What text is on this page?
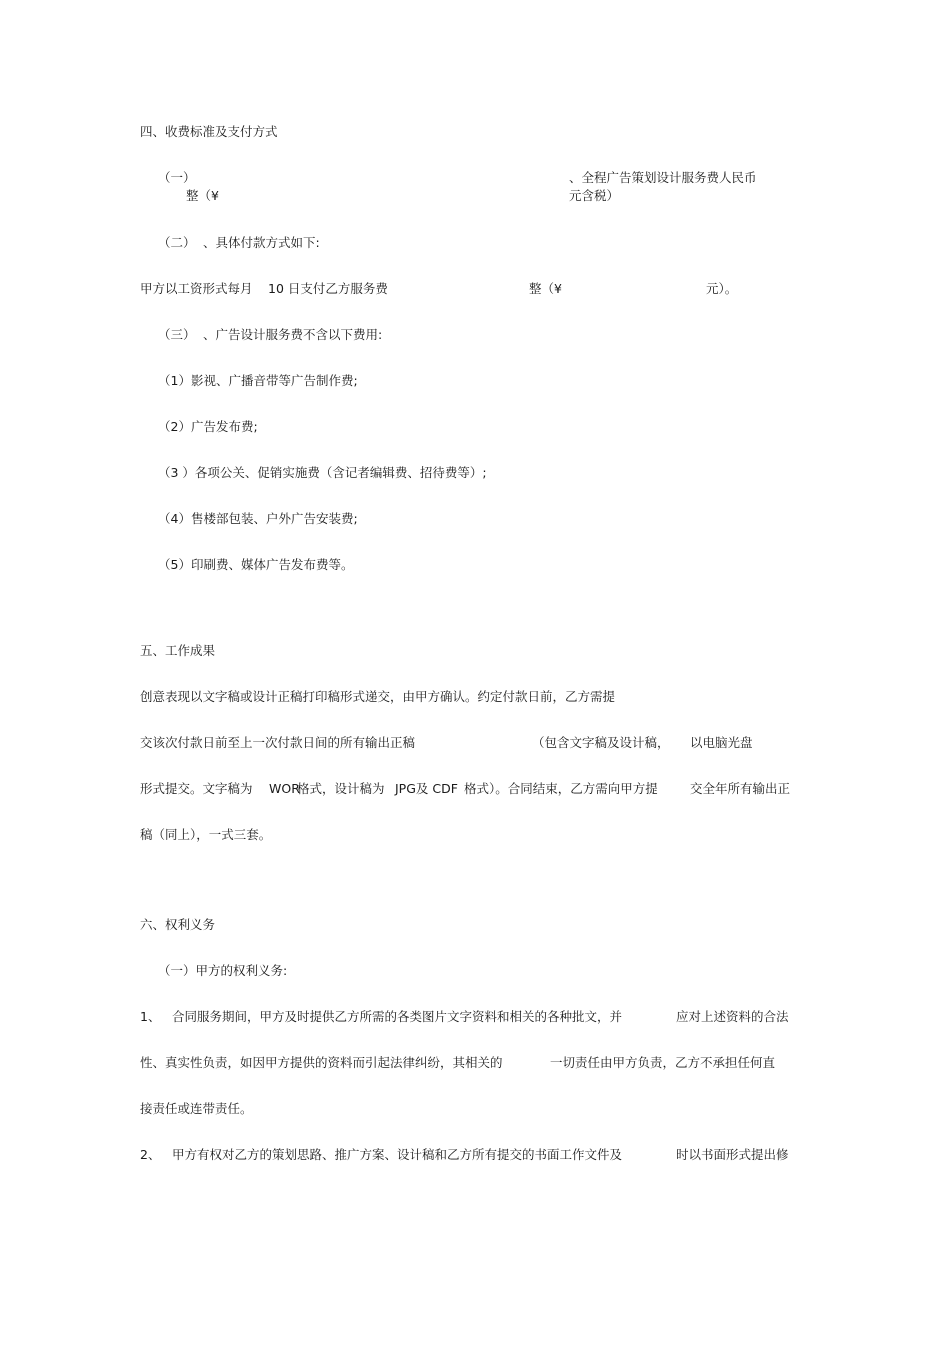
四、收费标准及支付方式
（一）	、全程广告策划设计服务费人民币
整（¥	元含税）
（二） 、具体付款方式如下:
甲方以工资形式每月 10 日支付乙方服务费	整（¥	元）。
（三） 、广告设计服务费不含以下费用:
（1）影视、广播音带等广告制作费;
（2）广告发布费;
（3 ）各项公关、促销实施费（含记者编辑费、招待费等）;
（4）售楼部包装、户外广告安装费;
（5）印刷费、媒体广告发布费等。
五、工作成果
创意表现以文字稿或设计正稿打印稿形式递交，由甲方确认。约定付款日前，乙方需提
交该次付款日前至上一次付款日间的所有输出正稿	（包含文字稿及设计稿， 以电脑光盘
形式提交。文字稿为 WOR
格式，设计稿为 JPG及 CDF 格式）。合同结束，乙方需向甲方提	交全年所有输出正
稿（同上），一式三套。
六、权利义务
（一）甲方的权利义务:
1、 合同服务期间，甲方及时提供乙方所需的各类图片文字资料和相关的各种批文，并	应对上述资料的合法
性、真实性负责，如因甲方提供的资料而引起法律纠纷，其相关的	一切责任由甲方负责，乙方不承担任何直
接责任或连带责任。
2、 甲方有权对乙方的策划思路、推广方案、设计稿和乙方所有提交的书面工作文件及	时以书面形式提出修
